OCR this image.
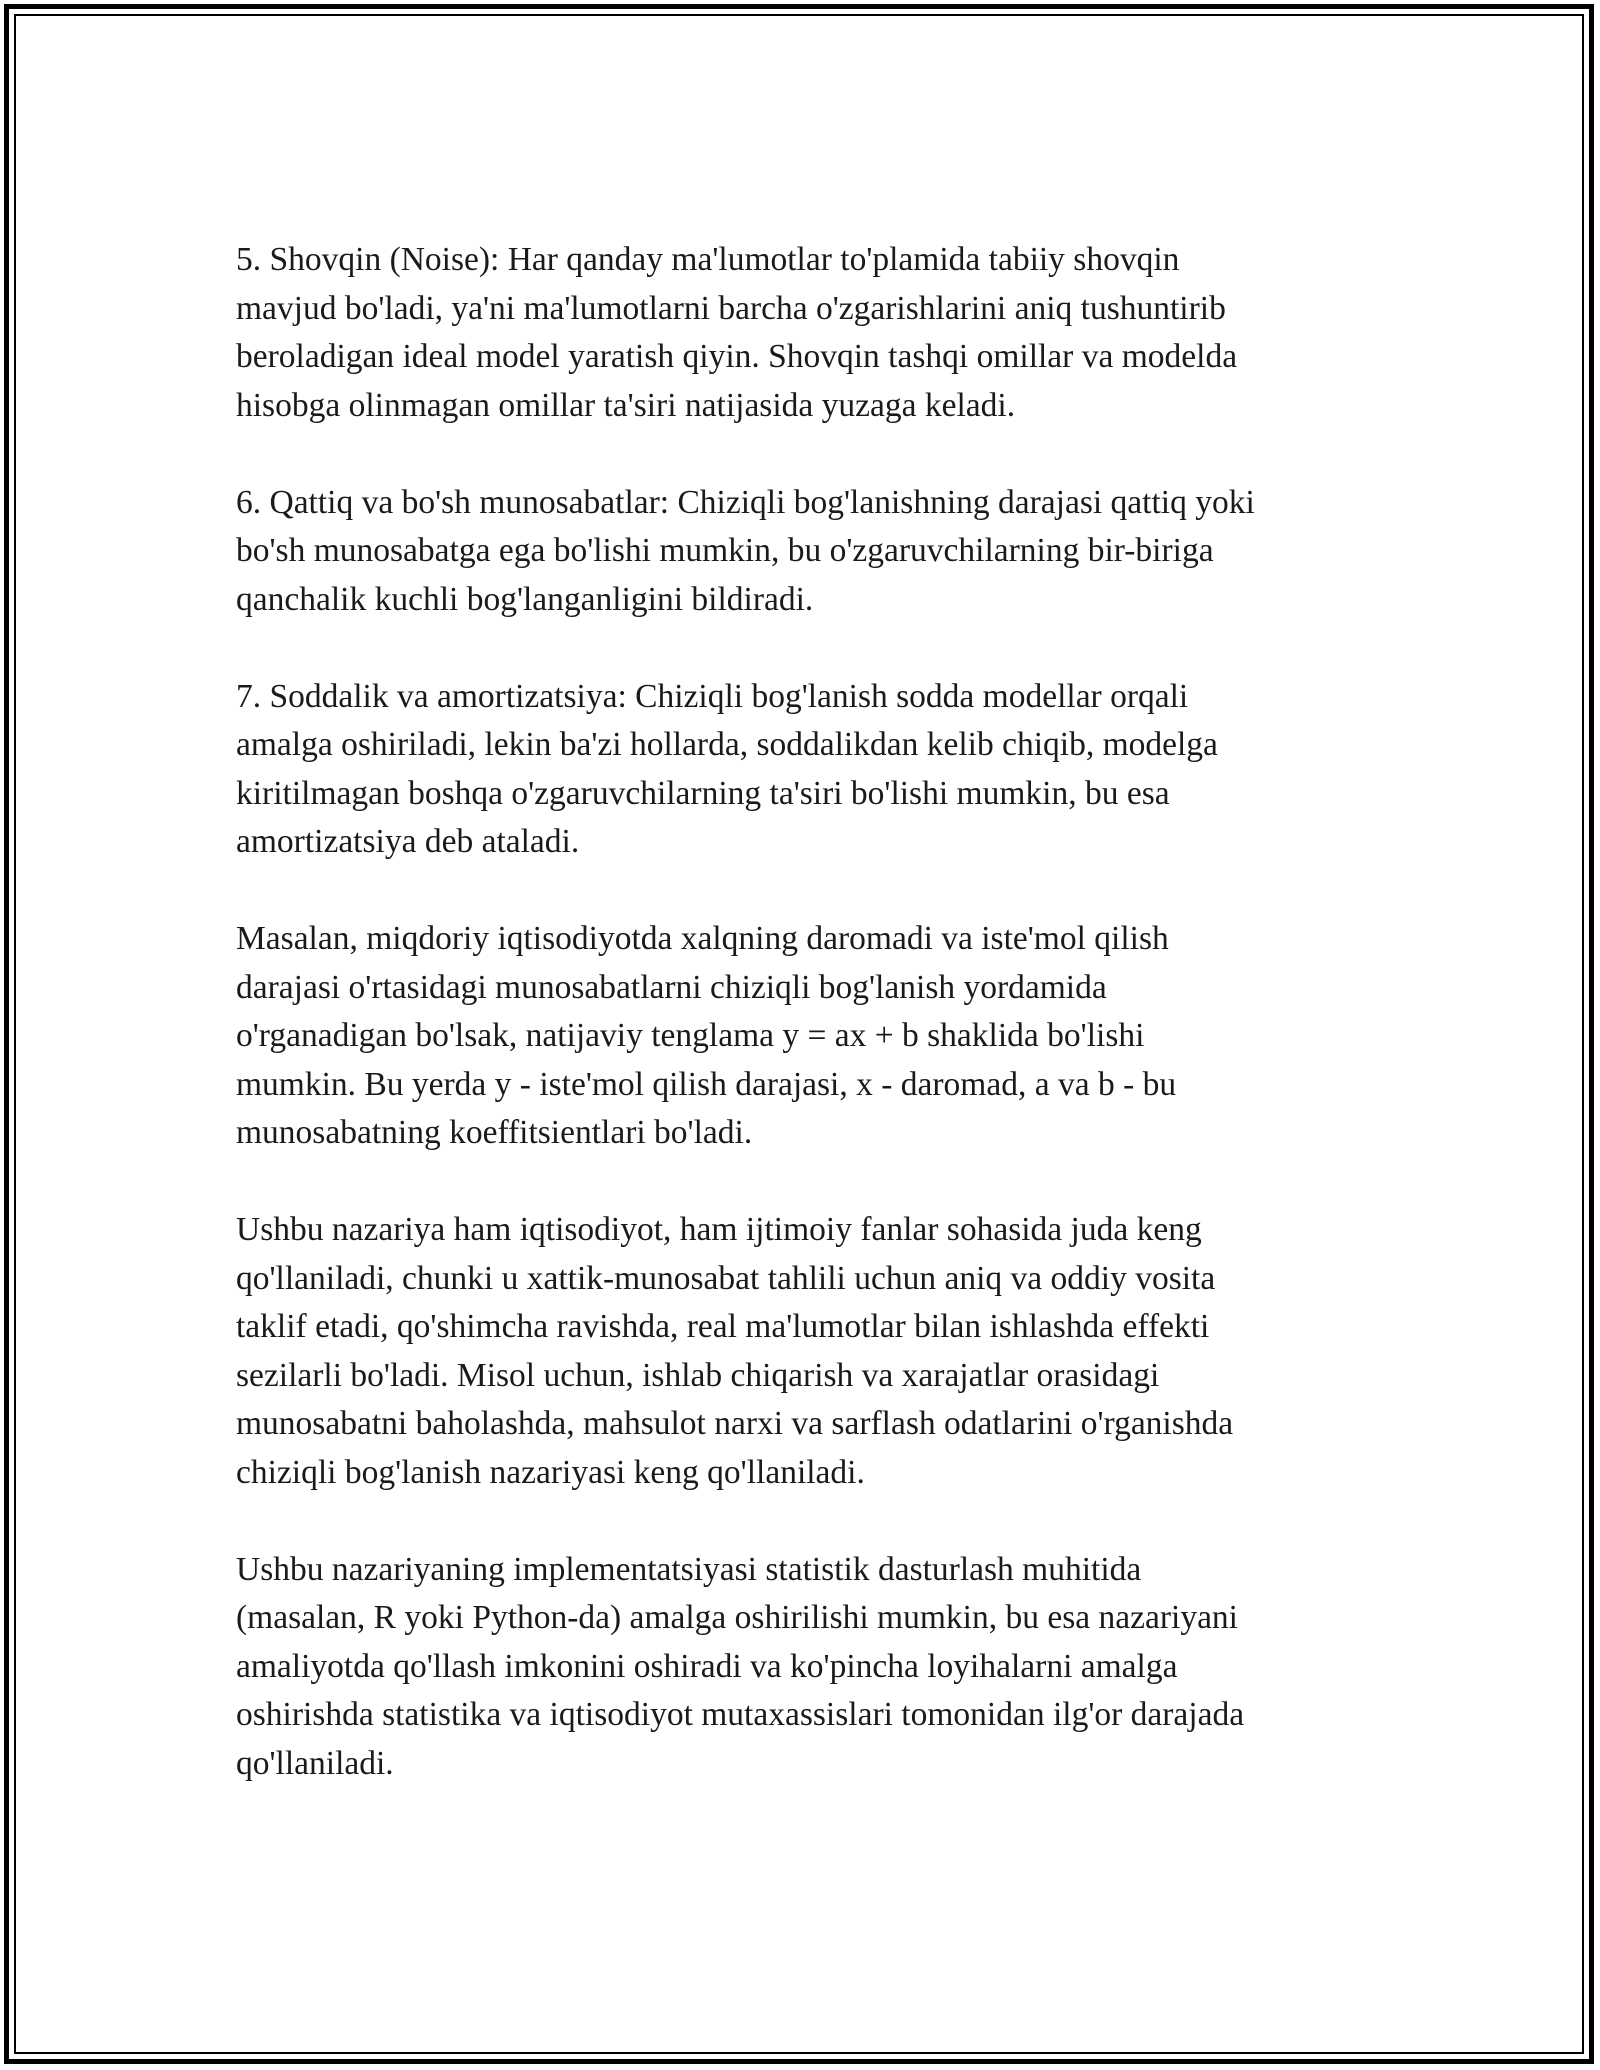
5. Shovqin (Noise): Har qanday ma'lumotlar to'plamida tabiiy shovqin
mavjud bo'ladi, ya'ni ma'lumotlarni barcha o'zgarishlarini aniq tushuntirib
beroladigan ideal model yaratish qiyin. Shovqin tashqi omillar va modelda
hisobga olinmagan omillar ta'siri natijasida yuzaga keladi.

6. Qattiq va bo'sh munosabatlar: Chiziqli bog'lanishning darajasi qattiq yoki
bo'sh munosabatga ega bo'lishi mumkin, bu o'zgaruvchilarning bir-biriga
qanchalik kuchli bog'langanligini bildiradi.

7. Soddalik va amortizatsiya: Chiziqli bog'lanish sodda modellar orqali
amalga oshiriladi, lekin ba'zi hollarda, soddalikdan kelib chiqib, modelga
kiritilmagan boshqa o'zgaruvchilarning ta'siri bo'lishi mumkin, bu esa
amortizatsiya deb ataladi.

Masalan, miqdoriy iqtisodiyotda xalqning daromadi va iste'mol qilish
darajasi o'rtasidagi munosabatlarni chiziqli bog'lanish yordamida
o'rganadigan bo'lsak, natijaviy tenglama y = ax + b shaklida bo'lishi
mumkin. Bu yerda y - iste'mol qilish darajasi, x - daromad, a va b - bu
munosabatning koeffitsientlari bo'ladi.

Ushbu nazariya ham iqtisodiyot, ham ijtimoiy fanlar sohasida juda keng
qo'llaniladi, chunki u xattik-munosabat tahlili uchun aniq va oddiy vosita
taklif etadi, qo'shimcha ravishda, real ma'lumotlar bilan ishlashda effekti
sezilarli bo'ladi. Misol uchun, ishlab chiqarish va xarajatlar orasidagi
munosabatni baholashda, mahsulot narxi va sarflash odatlarini o'rganishda
chiziqli bog'lanish nazariyasi keng qo'llaniladi.

Ushbu nazariyaning implementatsiyasi statistik dasturlash muhitida
(masalan, R yoki Python-da) amalga oshirilishi mumkin, bu esa nazariyani
amaliyotda qo'llash imkonini oshiradi va ko'pincha loyihalarni amalga
oshirishda statistika va iqtisodiyot mutaxassislari tomonidan ilg'or darajada
qo'llaniladi.
